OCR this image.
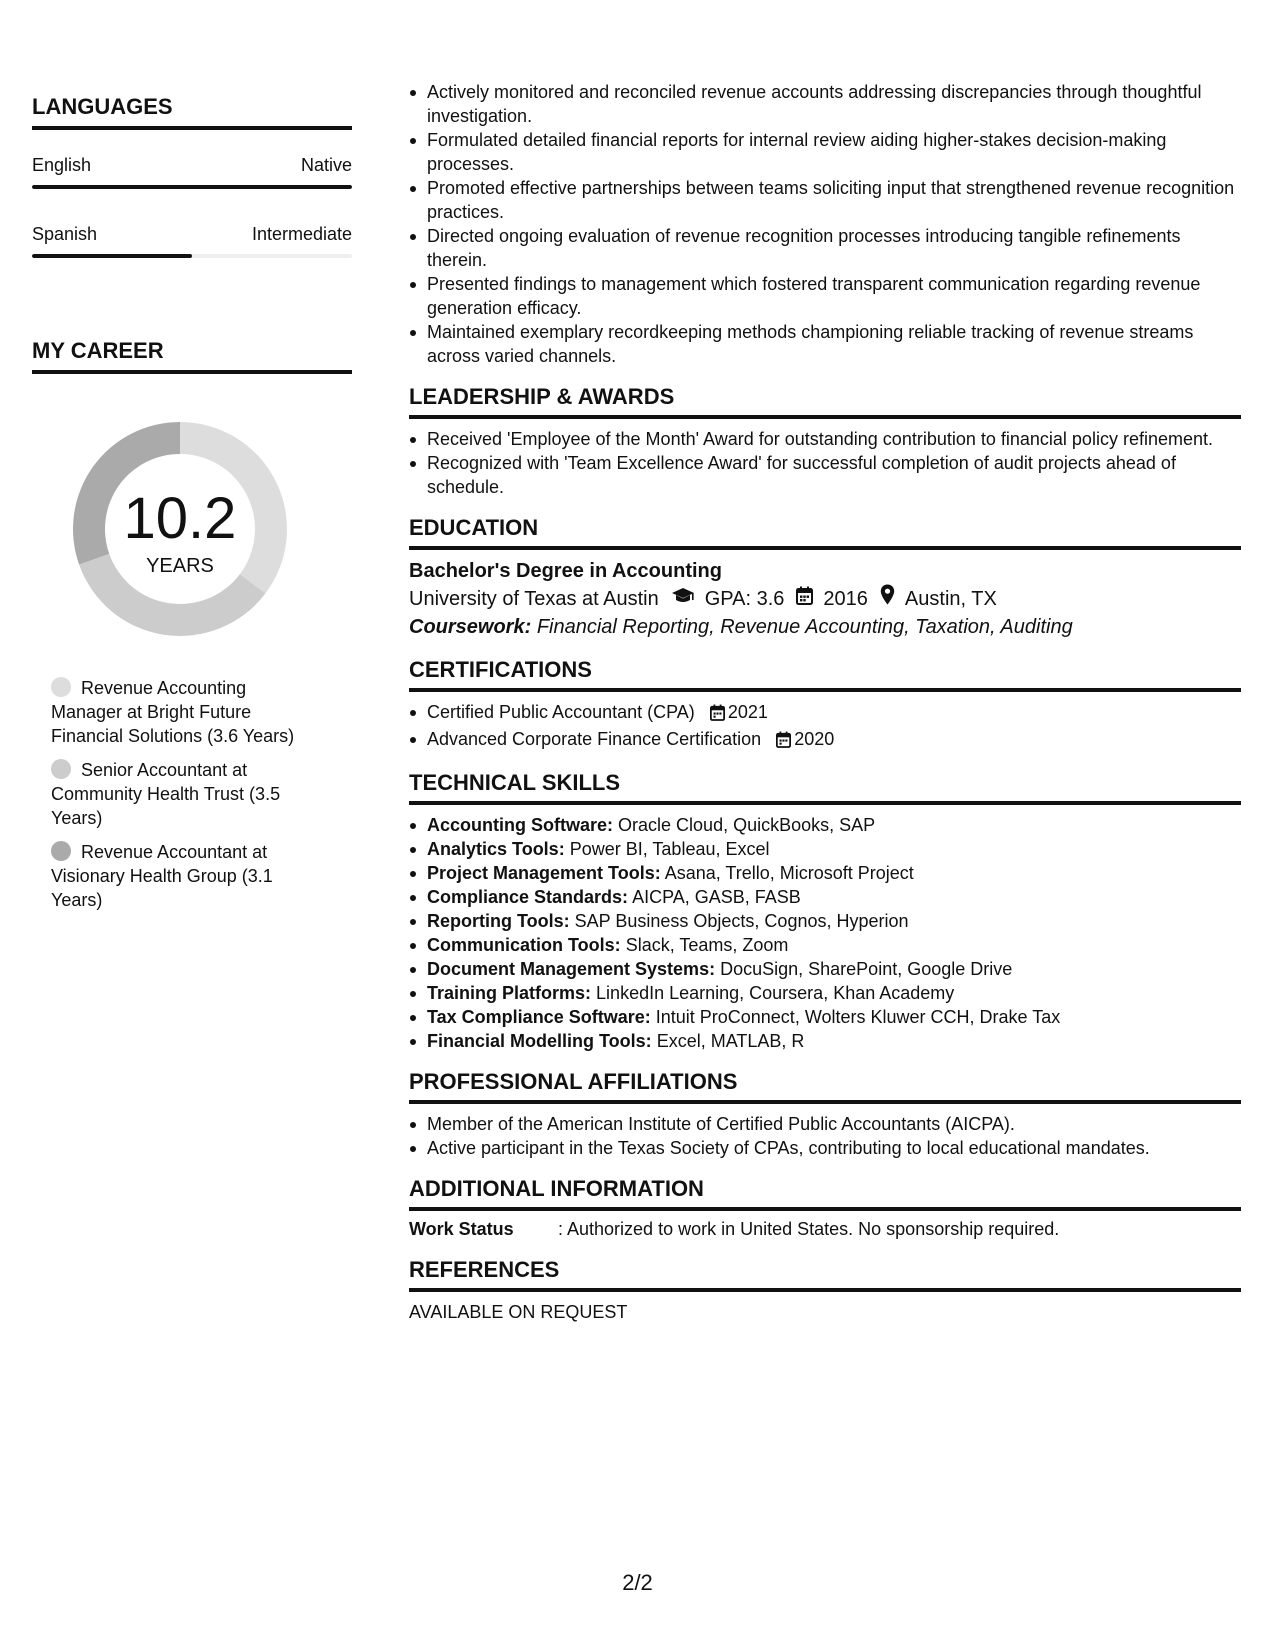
LANGUAGES
English	Native
Spanish	Intermediate
MY CAREER
10.2
YEARS
Revenue Accounting Manager at Bright Future Financial Solutions (3.6 Years)
Senior Accountant at Community Health Trust (3.5 Years)
Revenue Accountant at Visionary Health Group (3.1 Years)
Actively monitored and reconciled revenue accounts addressing discrepancies through thoughtful investigation.
Formulated detailed financial reports for internal review aiding higher-stakes decision-making processes.
Promoted effective partnerships between teams soliciting input that strengthened revenue recognition practices.
Directed ongoing evaluation of revenue recognition processes introducing tangible refinements therein.
Presented findings to management which fostered transparent communication regarding revenue generation efficacy.
Maintained exemplary recordkeeping methods championing reliable tracking of revenue streams across varied channels.
LEADERSHIP & AWARDS
Received 'Employee of the Month' Award for outstanding contribution to financial policy refinement.
Recognized with 'Team Excellence Award' for successful completion of audit projects ahead of schedule.
EDUCATION
Bachelor's Degree in Accounting
University of Texas at Austin GPA: 3.6 2016 Austin, TX
Coursework: Financial Reporting, Revenue Accounting, Taxation, Auditing
CERTIFICATIONS
Certified Public Accountant (CPA) 2021
Advanced Corporate Finance Certification 2020
TECHNICAL SKILLS
Accounting Software: Oracle Cloud, QuickBooks, SAP
Analytics Tools: Power BI, Tableau, Excel
Project Management Tools: Asana, Trello, Microsoft Project
Compliance Standards: AICPA, GASB, FASB
Reporting Tools: SAP Business Objects, Cognos, Hyperion
Communication Tools: Slack, Teams, Zoom
Document Management Systems: DocuSign, SharePoint, Google Drive
Training Platforms: LinkedIn Learning, Coursera, Khan Academy
Tax Compliance Software: Intuit ProConnect, Wolters Kluwer CCH, Drake Tax
Financial Modelling Tools: Excel, MATLAB, R
PROFESSIONAL AFFILIATIONS
Member of the American Institute of Certified Public Accountants (AICPA).
Active participant in the Texas Society of CPAs, contributing to local educational mandates.
ADDITIONAL INFORMATION
Work Status	: Authorized to work in United States. No sponsorship required.
REFERENCES
AVAILABLE ON REQUEST
2/2
